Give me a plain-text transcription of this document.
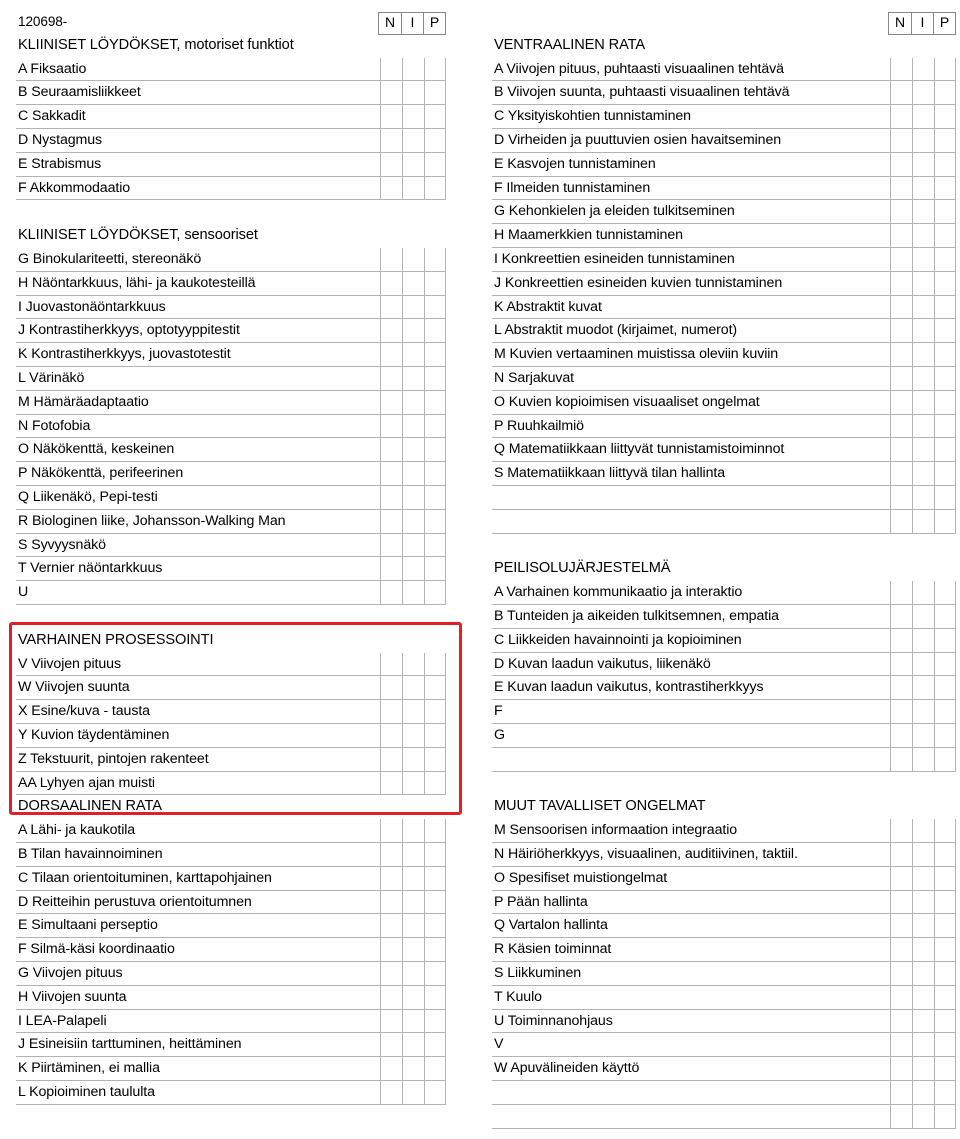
120698-	N	I	P
KLIINISET LÖYDÖKSET, motoriset funktiot
A Fiksaatio
B Seuraamisliikkeet
C Sakkadit
D Nystagmus
E Strabismus
F Akkommodaatio
KLIINISET LÖYDÖKSET, sensooriset
G Binokulariteetti, stereonäkö
H Näöntarkkuus, lähi- ja kaukotesteillä
I Juovastonäöntarkkuus
J Kontrastiherkkyys, optotyyppitestit
K Kontrastiherkkyys, juovastotestit
L Värinäkö
M Hämäräadaptaatio
N Fotofobia
O Näkökenttä, keskeinen
P Näkökenttä, perifeerinen
Q Liikenäkö, Pepi-testi
R Biologinen liike, Johansson-Walking Man
S Syvyysnäkö
T Vernier näöntarkkuus
U
VARHAINEN PROSESSOINTI
V Viivojen pituus
W Viivojen suunta
X Esine/kuva - tausta
Y Kuvion täydentäminen
Z Tekstuurit, pintojen rakenteet
AA Lyhyen ajan muisti
DORSAALINEN RATA
A Lähi- ja kaukotila
B Tilan havainnoiminen
C Tilaan orientoituminen, karttapohjainen
D Reitteihin perustuva orientoitumnen
E Simultaani perseptio
F Silmä-käsi koordinaatio
G Viivojen pituus
H Viivojen suunta
I LEA-Palapeli
J Esineisiin tarttuminen, heittäminen
K Piirtäminen, ei mallia
L Kopioiminen taululta
N	I	P
VENTRAALINEN RATA
A Viivojen pituus, puhtaasti visuaalinen tehtävä
B Viivojen suunta, puhtaasti visuaalinen tehtävä
C Yksityiskohtien tunnistaminen
D Virheiden ja puuttuvien osien havaitseminen
E Kasvojen tunnistaminen
F Ilmeiden tunnistaminen
G Kehonkielen ja eleiden tulkitseminen
H Maamerkkien tunnistaminen
I Konkreettien esineiden tunnistaminen
J Konkreettien esineiden kuvien tunnistaminen
K Abstraktit kuvat
L Abstraktit muodot (kirjaimet, numerot)
M Kuvien vertaaminen muistissa oleviin kuviin
N Sarjakuvat
O Kuvien kopioimisen visuaaliset ongelmat
P Ruuhkailmiö
Q Matematiikkaan liittyvät tunnistamistoiminnot
S Matematiikkaan liittyvä tilan hallinta
PEILISOLUJÄRJESTELMÄ
A Varhainen kommunikaatio ja interaktio
B Tunteiden ja aikeiden tulkitsemnen, empatia
C Liikkeiden havainnointi ja kopioiminen
D Kuvan laadun vaikutus, liikenäkö
E Kuvan laadun vaikutus, kontrastiherkkyys
F
G
MUUT TAVALLISET ONGELMAT
M Sensoorisen informaation integraatio
N Häiriöherkkyys, visuaalinen, auditiivinen, taktiil.
O Spesifiset muistiongelmat
P Pään hallinta
Q Vartalon hallinta
R Käsien toiminnat
S Liikkuminen
T Kuulo
U Toiminnanohjaus
V
W Apuvälineiden käyttö
